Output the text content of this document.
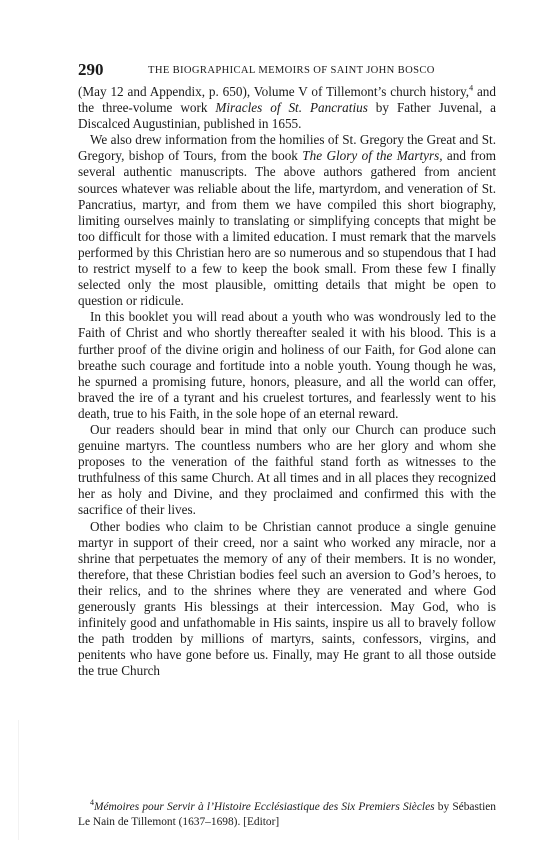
290	THE BIOGRAPHICAL MEMOIRS OF SAINT JOHN BOSCO

(May 12 and Appendix, p. 650), Volume V of Tillemont’s church history,$^4$ and the three-volume work Miracles of St. Pancratius by Father Juvenal, a Discalced Augustinian, published in 1655.

We also drew information from the homilies of St. Gregory the Great and St. Gregory, bishop of Tours, from the book The Glory of the Martyrs, and from several authentic manuscripts. The above authors gathered from ancient sources whatever was reliable about the life, martyrdom, and veneration of St. Pancratius, martyr, and from them we have compiled this short biography, limiting ourselves mainly to translating or simplifying concepts that might be too difficult for those with a limited education. I must remark that the marvels performed by this Christian hero are so numerous and so stupendous that I had to restrict myself to a few to keep the book small. From these few I finally selected only the most plausible, omitting details that might be open to question or ridicule.

In this booklet you will read about a youth who was wondrously led to the Faith of Christ and who shortly thereafter sealed it with his blood. This is a further proof of the divine origin and holiness of our Faith, for God alone can breathe such courage and fortitude into a noble youth. Young though he was, he spurned a promising future, honors, pleasure, and all the world can offer, braved the ire of a tyrant and his cruelest tortures, and fearlessly went to his death, true to his Faith, in the sole hope of an eternal reward.

Our readers should bear in mind that only our Church can produce such genuine martyrs. The countless numbers who are her glory and whom she proposes to the veneration of the faithful stand forth as witnesses to the truthfulness of this same Church. At all times and in all places they recognized her as holy and Divine, and they proclaimed and confirmed this with the sacrifice of their lives.

Other bodies who claim to be Christian cannot produce a single genuine martyr in support of their creed, nor a saint who worked any miracle, nor a shrine that perpetuates the memory of any of their members. It is no wonder, therefore, that these Christian bodies feel such an aversion to God’s heroes, to their relics, and to the shrines where they are venerated and where God generously grants His blessings at their intercession. May God, who is infinitely good and unfathomable in His saints, inspire us all to bravely follow the path trodden by millions of martyrs, saints, confessors, virgins, and penitents who have gone before us. Finally, may He grant to all those outside the true Church

$^4$Mémoires pour Servir à l’Histoire Ecclésiastique des Six Premiers Siècles by Sébastien Le Nain de Tillemont (1637–1698). [Editor]
